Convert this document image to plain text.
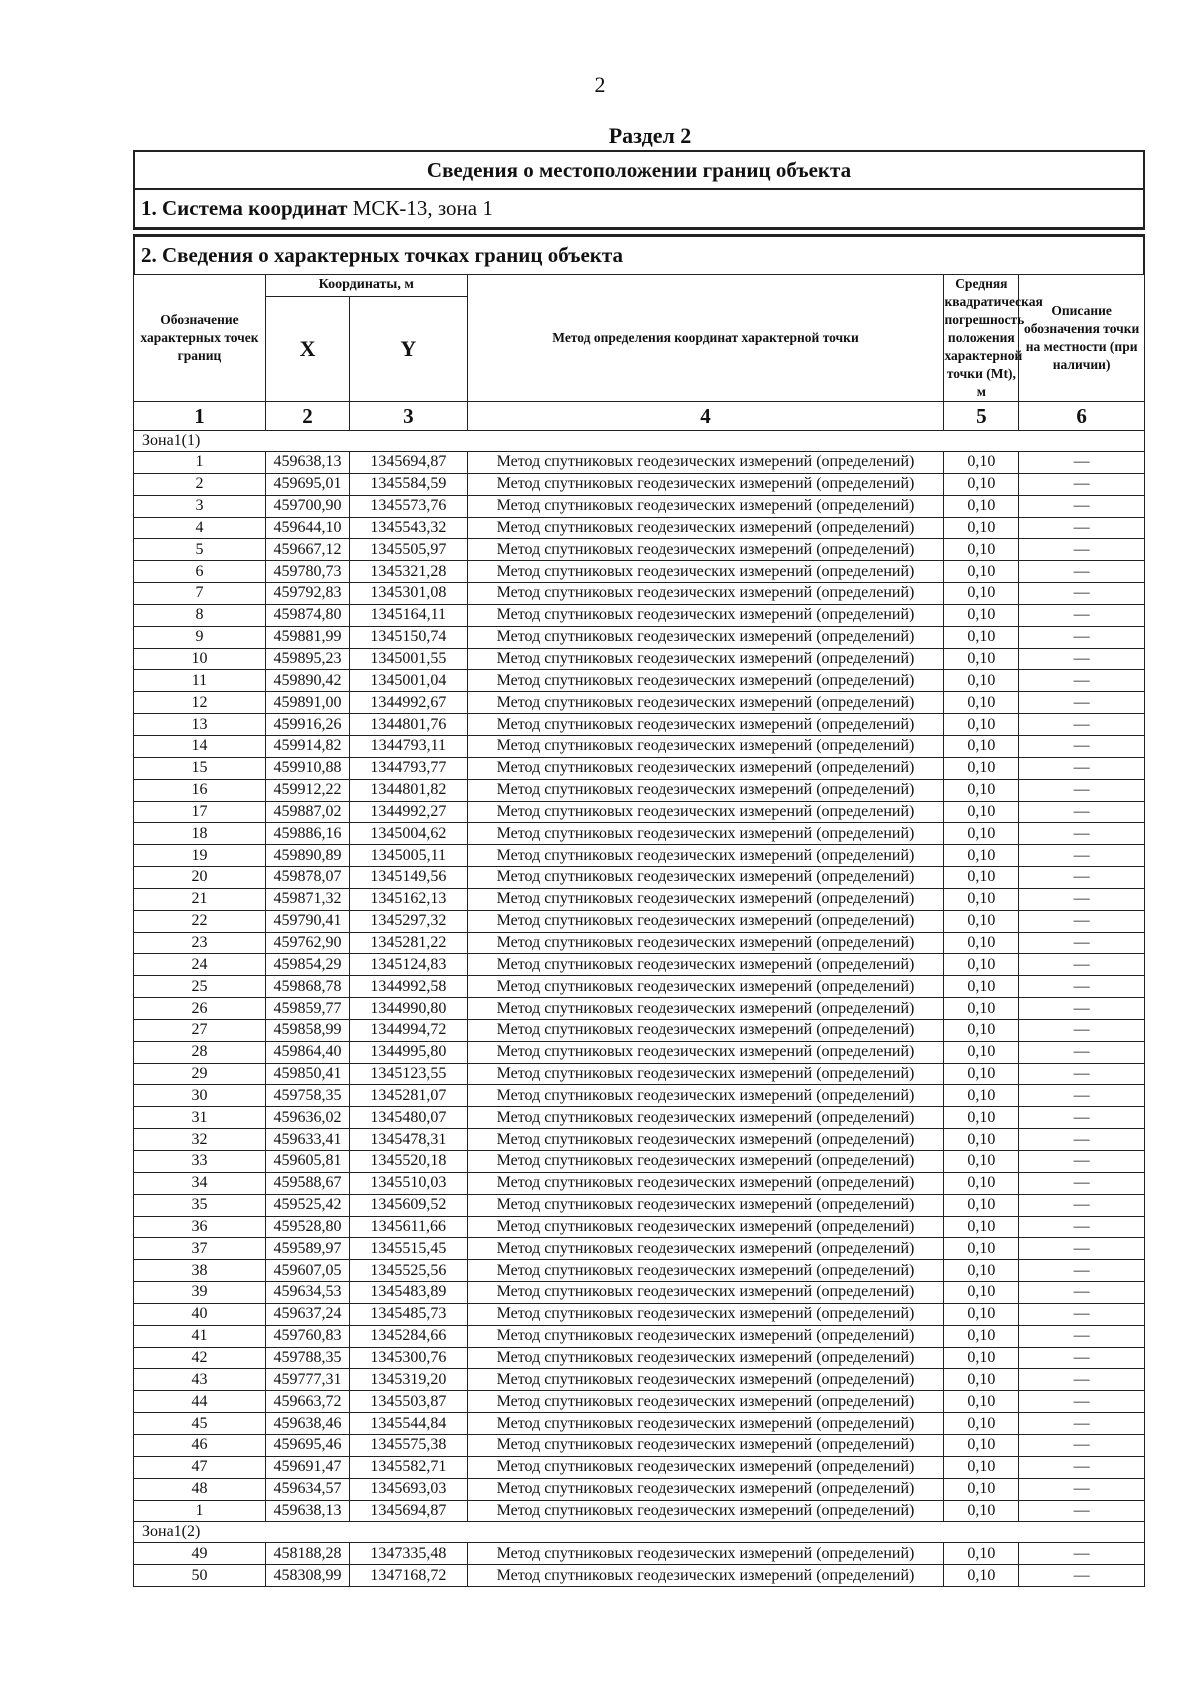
2
Раздел 2
Сведения о местоположении границ объекта
1. Система координат МСК-13, зона 1
2. Сведения о характерных точках границ объекта
Обозначение характерных точек границ	Координаты, м		Метод определения координат характерной точки	Средняя квадратическая погрешность положения характерной точки (Mt), м	Описание обозначения точки на местности (при наличии)
	X	Y			
1	2	3	4	5	6
Зона1(1)					
1	459638,13	1345694,87	Метод спутниковых геодезических измерений (определений)	0,10	—
2	459695,01	1345584,59	Метод спутниковых геодезических измерений (определений)	0,10	—
3	459700,90	1345573,76	Метод спутниковых геодезических измерений (определений)	0,10	—
4	459644,10	1345543,32	Метод спутниковых геодезических измерений (определений)	0,10	—
5	459667,12	1345505,97	Метод спутниковых геодезических измерений (определений)	0,10	—
6	459780,73	1345321,28	Метод спутниковых геодезических измерений (определений)	0,10	—
7	459792,83	1345301,08	Метод спутниковых геодезических измерений (определений)	0,10	—
8	459874,80	1345164,11	Метод спутниковых геодезических измерений (определений)	0,10	—
9	459881,99	1345150,74	Метод спутниковых геодезических измерений (определений)	0,10	—
10	459895,23	1345001,55	Метод спутниковых геодезических измерений (определений)	0,10	—
11	459890,42	1345001,04	Метод спутниковых геодезических измерений (определений)	0,10	—
12	459891,00	1344992,67	Метод спутниковых геодезических измерений (определений)	0,10	—
13	459916,26	1344801,76	Метод спутниковых геодезических измерений (определений)	0,10	—
14	459914,82	1344793,11	Метод спутниковых геодезических измерений (определений)	0,10	—
15	459910,88	1344793,77	Метод спутниковых геодезических измерений (определений)	0,10	—
16	459912,22	1344801,82	Метод спутниковых геодезических измерений (определений)	0,10	—
17	459887,02	1344992,27	Метод спутниковых геодезических измерений (определений)	0,10	—
18	459886,16	1345004,62	Метод спутниковых геодезических измерений (определений)	0,10	—
19	459890,89	1345005,11	Метод спутниковых геодезических измерений (определений)	0,10	—
20	459878,07	1345149,56	Метод спутниковых геодезических измерений (определений)	0,10	—
21	459871,32	1345162,13	Метод спутниковых геодезических измерений (определений)	0,10	—
22	459790,41	1345297,32	Метод спутниковых геодезических измерений (определений)	0,10	—
23	459762,90	1345281,22	Метод спутниковых геодезических измерений (определений)	0,10	—
24	459854,29	1345124,83	Метод спутниковых геодезических измерений (определений)	0,10	—
25	459868,78	1344992,58	Метод спутниковых геодезических измерений (определений)	0,10	—
26	459859,77	1344990,80	Метод спутниковых геодезических измерений (определений)	0,10	—
27	459858,99	1344994,72	Метод спутниковых геодезических измерений (определений)	0,10	—
28	459864,40	1344995,80	Метод спутниковых геодезических измерений (определений)	0,10	—
29	459850,41	1345123,55	Метод спутниковых геодезических измерений (определений)	0,10	—
30	459758,35	1345281,07	Метод спутниковых геодезических измерений (определений)	0,10	—
31	459636,02	1345480,07	Метод спутниковых геодезических измерений (определений)	0,10	—
32	459633,41	1345478,31	Метод спутниковых геодезических измерений (определений)	0,10	—
33	459605,81	1345520,18	Метод спутниковых геодезических измерений (определений)	0,10	—
34	459588,67	1345510,03	Метод спутниковых геодезических измерений (определений)	0,10	—
35	459525,42	1345609,52	Метод спутниковых геодезических измерений (определений)	0,10	—
36	459528,80	1345611,66	Метод спутниковых геодезических измерений (определений)	0,10	—
37	459589,97	1345515,45	Метод спутниковых геодезических измерений (определений)	0,10	—
38	459607,05	1345525,56	Метод спутниковых геодезических измерений (определений)	0,10	—
39	459634,53	1345483,89	Метод спутниковых геодезических измерений (определений)	0,10	—
40	459637,24	1345485,73	Метод спутниковых геодезических измерений (определений)	0,10	—
41	459760,83	1345284,66	Метод спутниковых геодезических измерений (определений)	0,10	—
42	459788,35	1345300,76	Метод спутниковых геодезических измерений (определений)	0,10	—
43	459777,31	1345319,20	Метод спутниковых геодезических измерений (определений)	0,10	—
44	459663,72	1345503,87	Метод спутниковых геодезических измерений (определений)	0,10	—
45	459638,46	1345544,84	Метод спутниковых геодезических измерений (определений)	0,10	—
46	459695,46	1345575,38	Метод спутниковых геодезических измерений (определений)	0,10	—
47	459691,47	1345582,71	Метод спутниковых геодезических измерений (определений)	0,10	—
48	459634,57	1345693,03	Метод спутниковых геодезических измерений (определений)	0,10	—
1	459638,13	1345694,87	Метод спутниковых геодезических измерений (определений)	0,10	—
Зона1(2)					
49	458188,28	1347335,48	Метод спутниковых геодезических измерений (определений)	0,10	—
50	458308,99	1347168,72	Метод спутниковых геодезических измерений (определений)	0,10	—
